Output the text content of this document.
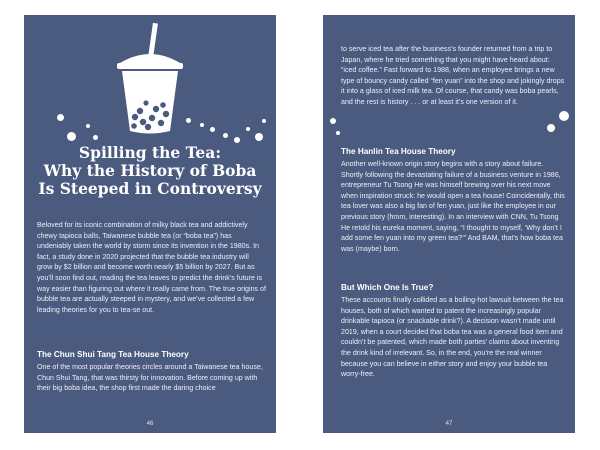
Spilling the Tea:
Why the History of Boba
Is Steeped in Controversy

Beloved for its iconic combination of milky black tea and addictively chewy tapioca balls, Taiwanese bubble tea (or “boba tea”) has undeniably taken the world by storm since its invention in the 1980s. In fact, a study done in 2020 projected that the bubble tea industry will grow by $2 billion and become worth nearly $5 billion by 2027. But as you’ll soon find out, reading the tea leaves to predict the drink’s future is way easier than figuring out where it really came from. The true origins of bubble tea are actually steeped in mystery, and we’ve collected a few leading theories for you to tea-se out.

The Chun Shui Tang Tea House Theory

One of the most popular theories circles around a Taiwanese tea house, Chun Shui Tang, that was thirsty for innovation. Before coming up with their big boba idea, the shop first made the daring choice

46

to serve iced tea after the business’s founder returned from a trip to Japan, where he tried something that you might have heard about: “iced coffee.” Fast forward to 1988, when an employee brings a new type of bouncy candy called “fen yuan” into the shop and jokingly drops it into a glass of iced milk tea. Of course, that candy was boba pearls, and the rest is history . . . or at least it’s one version of it.

The Hanlin Tea House Theory

Another well-known origin story begins with a story about failure. Shortly following the devastating failure of a business venture in 1986, entrepreneur Tu Tsong He was himself brewing over his next move when inspiration struck: he would open a tea house! Coincidentally, this tea lover was also a big fan of fen yuan, just like the employee in our previous story (hmm, interesting). In an interview with CNN, Tu Tsong He retold his eureka moment, saying, “I thought to myself, ‘Why don’t I add some fen yuan into my green tea?’” And BAM, that’s how boba tea was (maybe) born.

But Which One Is True?

These accounts finally collided as a boiling-hot lawsuit between the tea houses, both of which wanted to patent the increasingly popular drinkable tapioca (or snackable drink?). A decision wasn’t made until 2019, when a court decided that boba tea was a general food item and couldn’t be patented, which made both parties’ claims about inventing the drink kind of irrelevant. So, in the end, you’re the real winner because you can believe in either story and enjoy your bubble tea worry-free.

47
